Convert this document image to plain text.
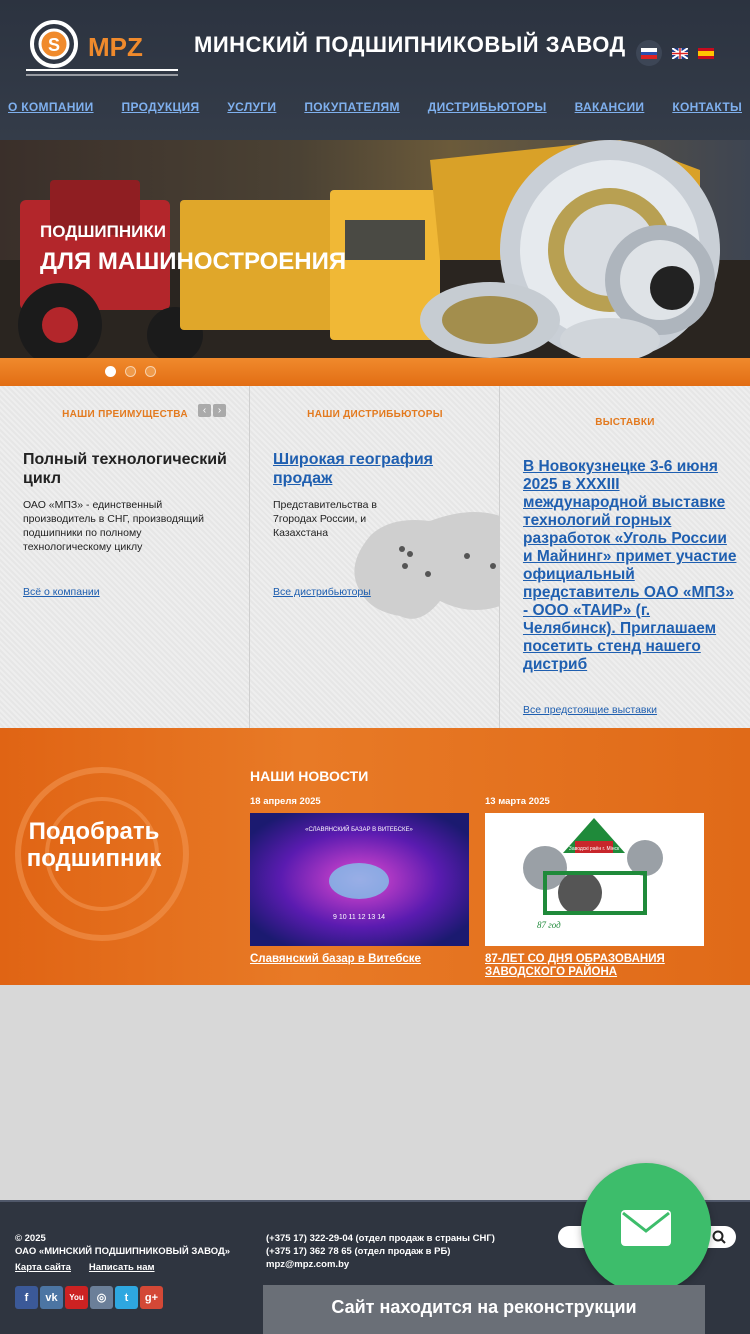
S MPZ МИНСКИЙ ПОДШИПНИКОВЫЙ ЗАВОД
О КОМПАНИИ ПРОДУКЦИЯ УСЛУГИ ПОКУПАТЕЛЯМ ДИСТРИБЬЮТОРЫ ВАКАНСИИ КОНТАКТЫ
ПОДШИПНИКИ
ДЛЯ МАШИНОСТРОЕНИЯ
НАШИ ПРЕИМУЩЕСТВА	‹	›
Полный технологический цикл

ОАО «МПЗ» - единственный производитель в СНГ, производящий подшипники по полному технологическому циклу

Всё о компании
НАШИ ДИСТРИБЬЮТОРЫ
Широкая география продаж

Представительства в 7городах России, и Казахстана

Все дистрибьюторы
ВЫСТАВКИ
В Новокузнецке 3-6 июня 2025 в XXXIII международной выставке технологий горных разработок «Уголь России и Майнинг» примет участие официальный представитель ОАО «МПЗ» - ООО «ТАИР» (г. Челябинск). Приглашаем посетить стенд нашего дистриб
Все предстоящие выставки
Подобрать
подшипник
НАШИ НОВОСТИ
18 апреля 2025
«СЛАВЯНСКИЙ БАЗАР В ВИТЕБСКЕ»
9 10 11 12 13 14
Славянский базар в Витебске
13 марта 2025
Заводскі раён г. Мінск
87 год
87-ЛЕТ СО ДНЯ ОБРАЗОВАНИЯ ЗАВОДСКОГО РАЙОНА
© 2025
ОАО «МИНСКИЙ ПОДШИПНИКОВЫЙ ЗАВОД»
Карта сайта Написать нам
(+375 17) 322-29-04 (отдел продаж в страны СНГ)
(+375 17) 362 78 65 (отдел продаж в РБ)
mpz@mpz.com.by
f	vk	You	◎	t	g+	Сайт находится на реконструкции
